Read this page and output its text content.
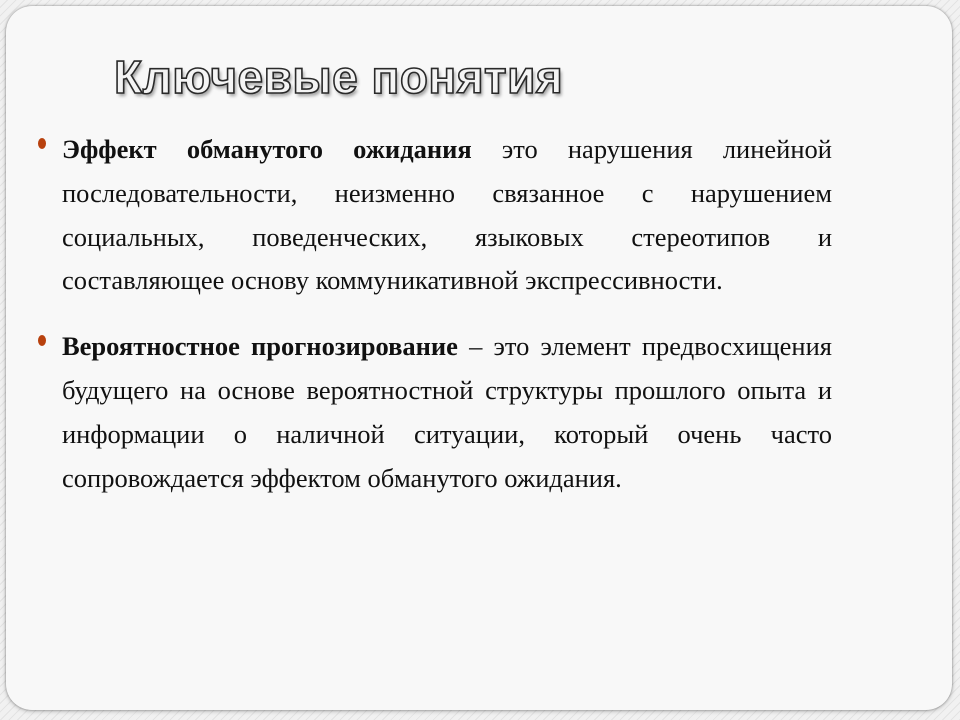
Ключевые понятия

Эффект обманутого ожидания это нарушения линейной последовательности, неизменно связанное с нарушением социальных, поведенческих, языковых стереотипов и составляющее основу коммуникативной экспрессивности.

Вероятностное прогнозирование – это элемент предвосхищения будущего на основе вероятностной структуры прошлого опыта и информации о наличной ситуации, который очень часто сопровождается эффектом обманутого ожидания.
